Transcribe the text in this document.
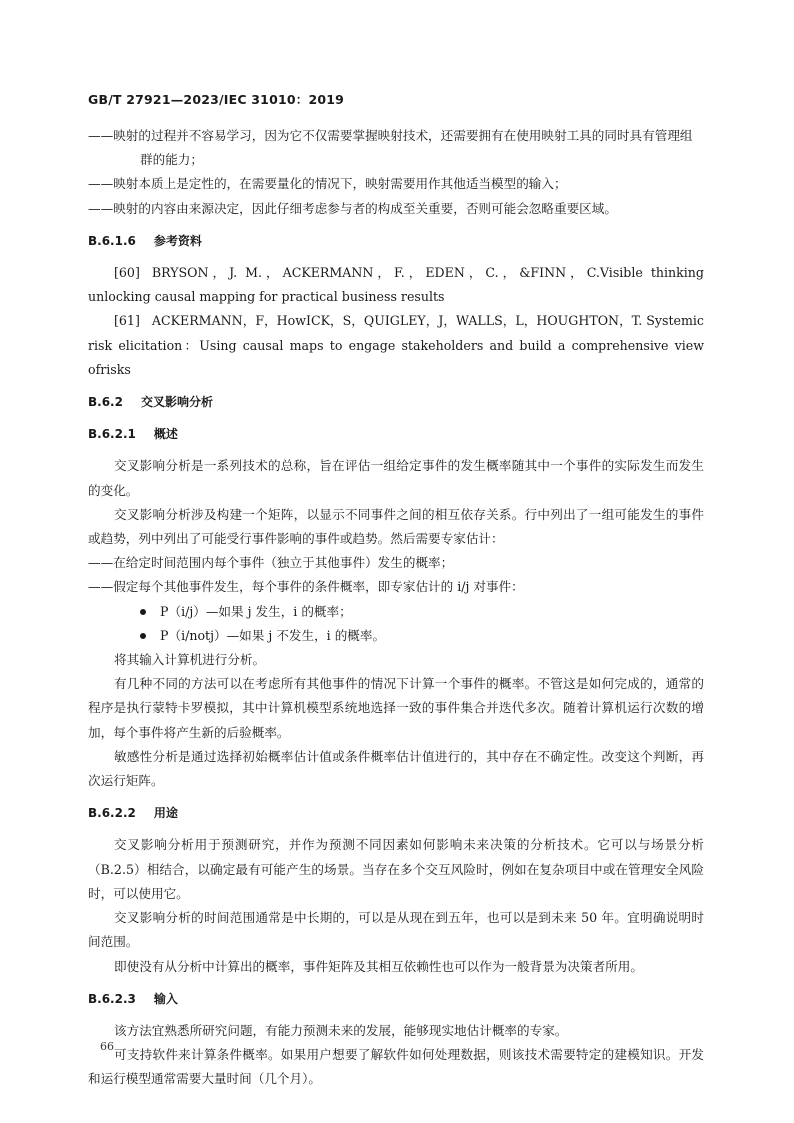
GB/T 27921—2023/IEC 31010：2019

——映射的过程并不容易学习，因为它不仅需要掌握映射技术，还需要拥有在使用映射工具的同时具有管理组群的能力；

——映射本质上是定性的，在需要量化的情况下，映射需要用作其他适当模型的输入；

——映射的内容由来源决定，因此仔细考虑参与者的构成至关重要，否则可能会忽略重要区域。

B.6.1.6 参考资料

[60] BRYSON，J. M.，ACKERMANN，F.，EDEN，C.，&FINN，C.Visible thinking unlocking causal mapping for practical business results

[61] ACKERMANN，F，HowICK，S，QUIGLEY，J，WALLS，L，HOUGHTON，T. Systemic risk elicitation：Using causal maps to engage stakeholders and build a comprehensive view ofrisks

B.6.2 交叉影响分析

B.6.2.1 概述

交叉影响分析是一系列技术的总称，旨在评估一组给定事件的发生概率随其中一个事件的实际发生而发生的变化。

交叉影响分析涉及构建一个矩阵，以显示不同事件之间的相互依存关系。行中列出了一组可能发生的事件或趋势，列中列出了可能受行事件影响的事件或趋势。然后需要专家估计：

——在给定时间范围内每个事件（独立于其他事件）发生的概率；

——假定每个其他事件发生，每个事件的条件概率，即专家估计的 i/j 对事件：

P（i/j）—如果 j 发生，i 的概率；

P（i/notj）—如果 j 不发生，i 的概率。

将其输入计算机进行分析。

有几种不同的方法可以在考虑所有其他事件的情况下计算一个事件的概率。不管这是如何完成的，通常的程序是执行蒙特卡罗模拟，其中计算机模型系统地选择一致的事件集合并迭代多次。随着计算机运行次数的增加，每个事件将产生新的后验概率。

敏感性分析是通过选择初始概率估计值或条件概率估计值进行的，其中存在不确定性。改变这个判断，再次运行矩阵。

B.6.2.2 用途

交叉影响分析用于预测研究，并作为预测不同因素如何影响未来决策的分析技术。它可以与场景分析（B.2.5）相结合，以确定最有可能产生的场景。当存在多个交互风险时，例如在复杂项目中或在管理安全风险时，可以使用它。

交叉影响分析的时间范围通常是中长期的，可以是从现在到五年，也可以是到未来 50 年。宜明确说明时间范围。

即使没有从分析中计算出的概率，事件矩阵及其相互依赖性也可以作为一般背景为决策者所用。

B.6.2.3 输入

该方法宜熟悉所研究问题，有能力预测未来的发展，能够现实地估计概率的专家。

可支持软件来计算条件概率。如果用户想要了解软件如何处理数据，则该技术需要特定的建模知识。开发和运行模型通常需要大量时间（几个月）。

66
